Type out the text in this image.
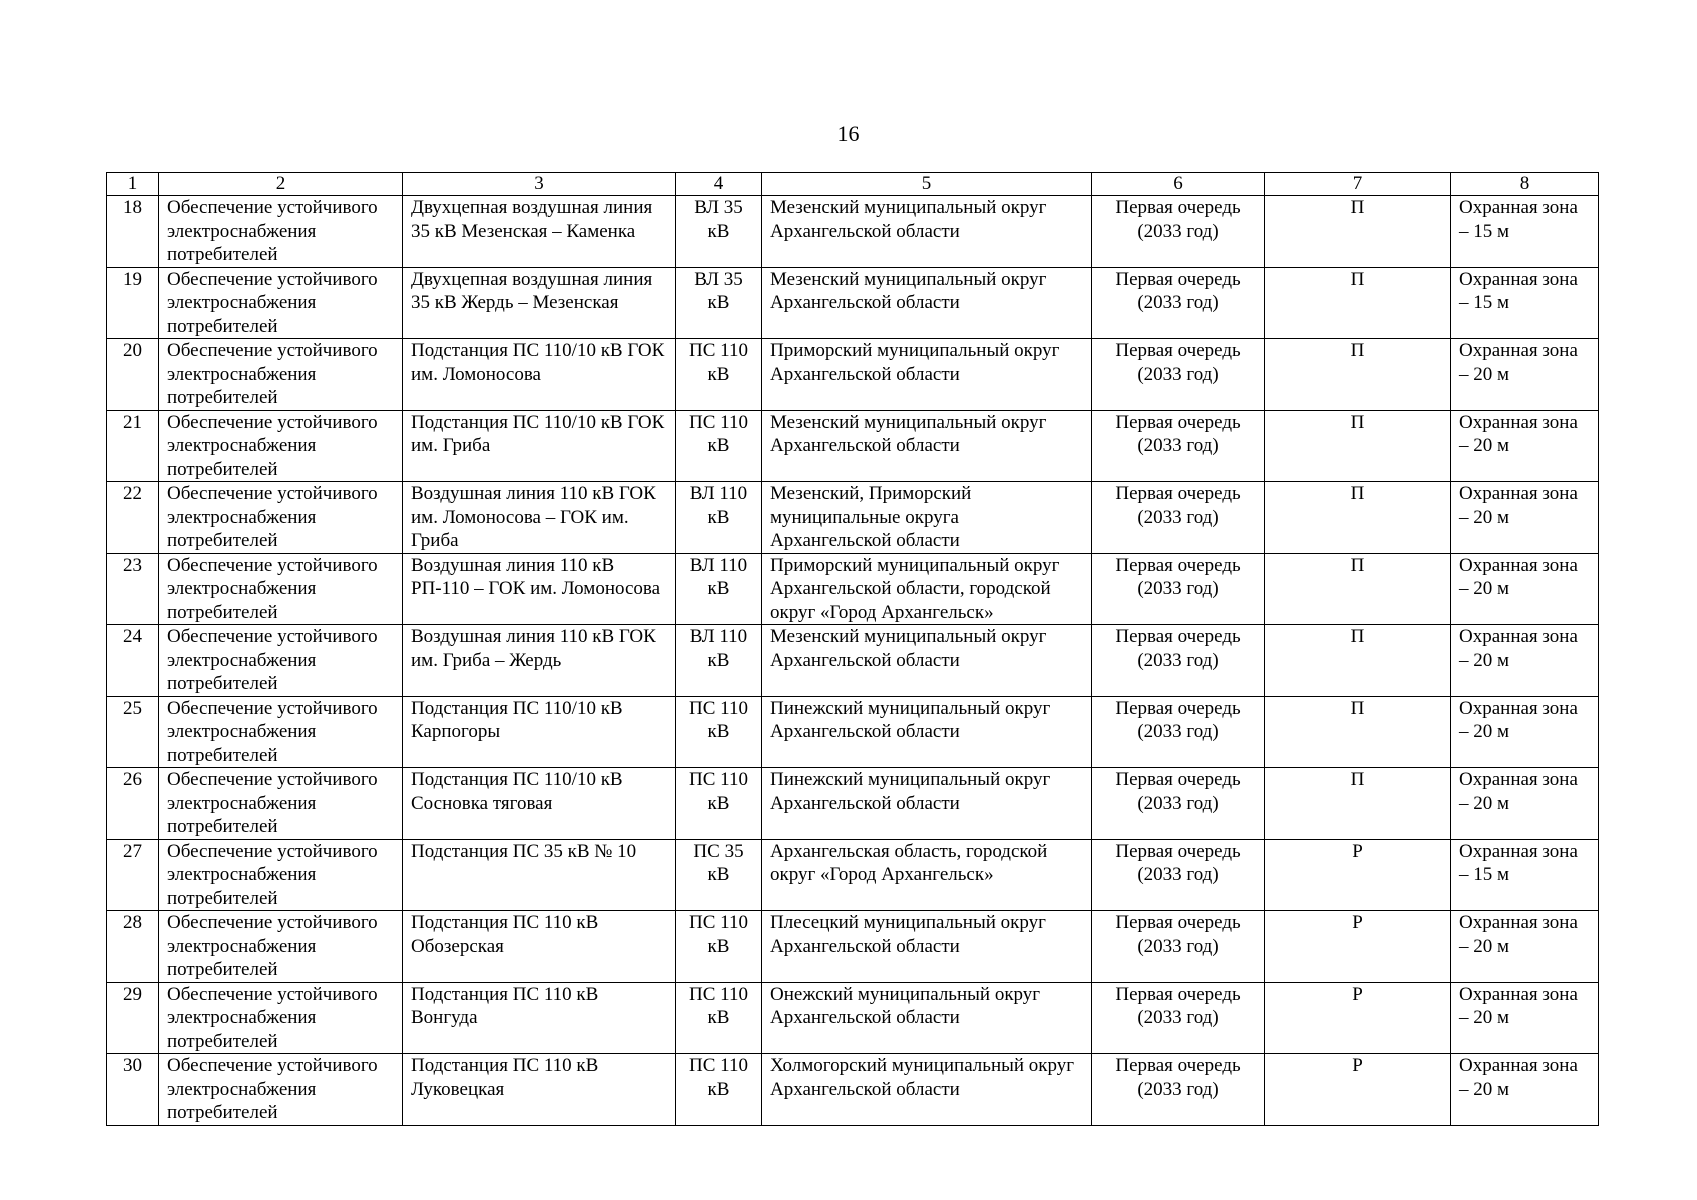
16
1	2	3	4	5	6	7	8
18	Обеспечение устойчивого электроснабжения потребителей	Двухцепная воздушная линия 35 кВ Мезенская – Каменка	ВЛ 35 кВ	Мезенский муниципальный округ Архангельской области	Первая очередь (2033 год)	П	Охранная зона – 15 м
19	Обеспечение устойчивого электроснабжения потребителей	Двухцепная воздушная линия 35 кВ Жердь – Мезенская	ВЛ 35 кВ	Мезенский муниципальный округ Архангельской области	Первая очередь (2033 год)	П	Охранная зона – 15 м
20	Обеспечение устойчивого электроснабжения потребителей	Подстанция ПС 110/10 кВ ГОК им. Ломоносова	ПС 110 кВ	Приморский муниципальный округ Архангельской области	Первая очередь (2033 год)	П	Охранная зона – 20 м
21	Обеспечение устойчивого электроснабжения потребителей	Подстанция ПС 110/10 кВ ГОК им. Гриба	ПС 110 кВ	Мезенский муниципальный округ Архангельской области	Первая очередь (2033 год)	П	Охранная зона – 20 м
22	Обеспечение устойчивого электроснабжения потребителей	Воздушная линия 110 кВ ГОК им. Ломоносова – ГОК им. Гриба	ВЛ 110 кВ	Мезенский, Приморский муниципальные округа Архангельской области	Первая очередь (2033 год)	П	Охранная зона – 20 м
23	Обеспечение устойчивого электроснабжения потребителей	Воздушная линия 110 кВ РП-110 – ГОК им. Ломоносова	ВЛ 110 кВ	Приморский муниципальный округ Архангельской области, городской округ «Город Архангельск»	Первая очередь (2033 год)	П	Охранная зона – 20 м
24	Обеспечение устойчивого электроснабжения потребителей	Воздушная линия 110 кВ ГОК им. Гриба – Жердь	ВЛ 110 кВ	Мезенский муниципальный округ Архангельской области	Первая очередь (2033 год)	П	Охранная зона – 20 м
25	Обеспечение устойчивого электроснабжения потребителей	Подстанция ПС 110/10 кВ Карпогоры	ПС 110 кВ	Пинежский муниципальный округ Архангельской области	Первая очередь (2033 год)	П	Охранная зона – 20 м
26	Обеспечение устойчивого электроснабжения потребителей	Подстанция ПС 110/10 кВ Сосновка тяговая	ПС 110 кВ	Пинежский муниципальный округ Архангельской области	Первая очередь (2033 год)	П	Охранная зона – 20 м
27	Обеспечение устойчивого электроснабжения потребителей	Подстанция ПС 35 кВ № 10	ПС 35 кВ	Архангельская область, городской округ «Город Архангельск»	Первая очередь (2033 год)	Р	Охранная зона – 15 м
28	Обеспечение устойчивого электроснабжения потребителей	Подстанция ПС 110 кВ Обозерская	ПС 110 кВ	Плесецкий муниципальный округ Архангельской области	Первая очередь (2033 год)	Р	Охранная зона – 20 м
29	Обеспечение устойчивого электроснабжения потребителей	Подстанция ПС 110 кВ Вонгуда	ПС 110 кВ	Онежский муниципальный округ Архангельской области	Первая очередь (2033 год)	Р	Охранная зона – 20 м
30	Обеспечение устойчивого электроснабжения потребителей	Подстанция ПС 110 кВ Луковецкая	ПС 110 кВ	Холмогорский муниципальный округ Архангельской области	Первая очередь (2033 год)	Р	Охранная зона – 20 м
